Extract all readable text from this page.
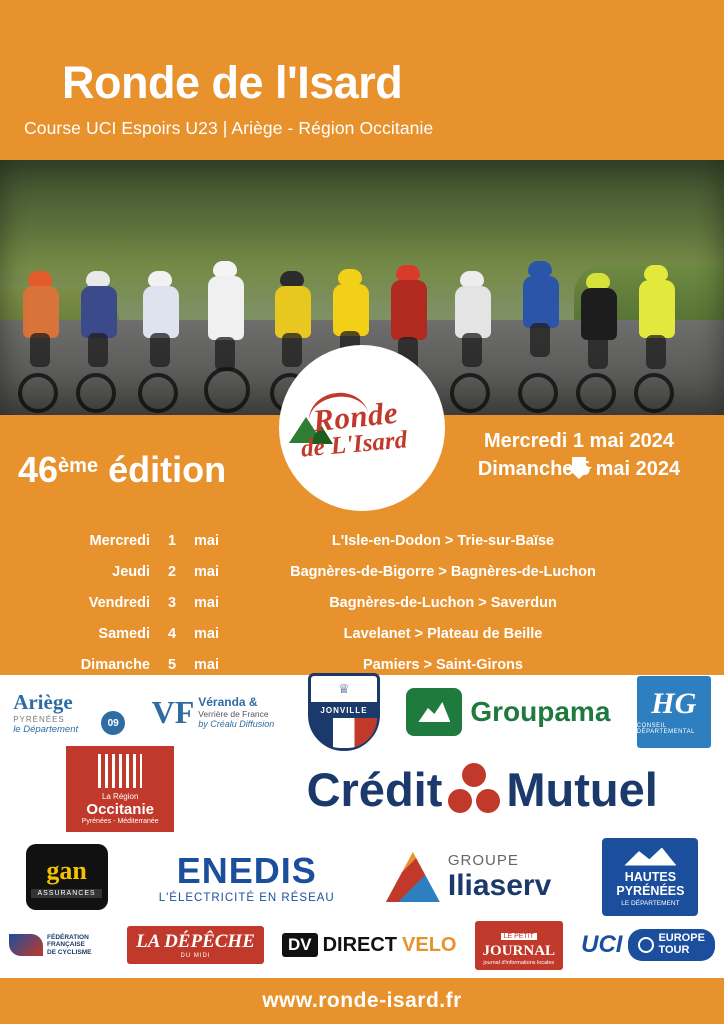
Ronde de l'Isard
Course UCI Espoirs U23 | Ariège - Région Occitanie
Ronde
de L'Isard
46ème édition
Mercredi 1 mai 2024
Dimanche 5 mai 2024
Mercredi	1	mai	L'Isle-en-Dodon > Trie-sur-Baïse
Jeudi	2	mai	Bagnères-de-Bigorre > Bagnères-de-Luchon
Vendredi	3	mai	Bagnères-de-Luchon > Saverdun
Samedi	4	mai	Lavelanet > Plateau de Beille
Dimanche	5	mai	Pamiers > Saint-Girons
Ariège
PYRÉNÉES
le Département
09 VF Véranda &
Verrière de France
by Créalu Diffusion
♕
JONVILLE	Groupama HG
CONSEIL DÉPARTEMENTAL
La Région
Occitanie
Pyrénées - Méditerranée
Crédit Mutuel
gan
ASSURANCES
ENEDIS
L'ÉLECTRICITÉ EN RÉSEAU
GROUPE
Iliaserv	HAUTES
PYRÉNÉES
LE DÉPARTEMENT
FÉDÉRATION
FRANÇAISE
DE CYCLISME
LA DÉPÊCHE
DU MIDI
DV DIRECT VELO	LE PETIT
JOURNAL
journal d'informations locales
UCI	EUROPE
TOUR
www.ronde-isard.fr
